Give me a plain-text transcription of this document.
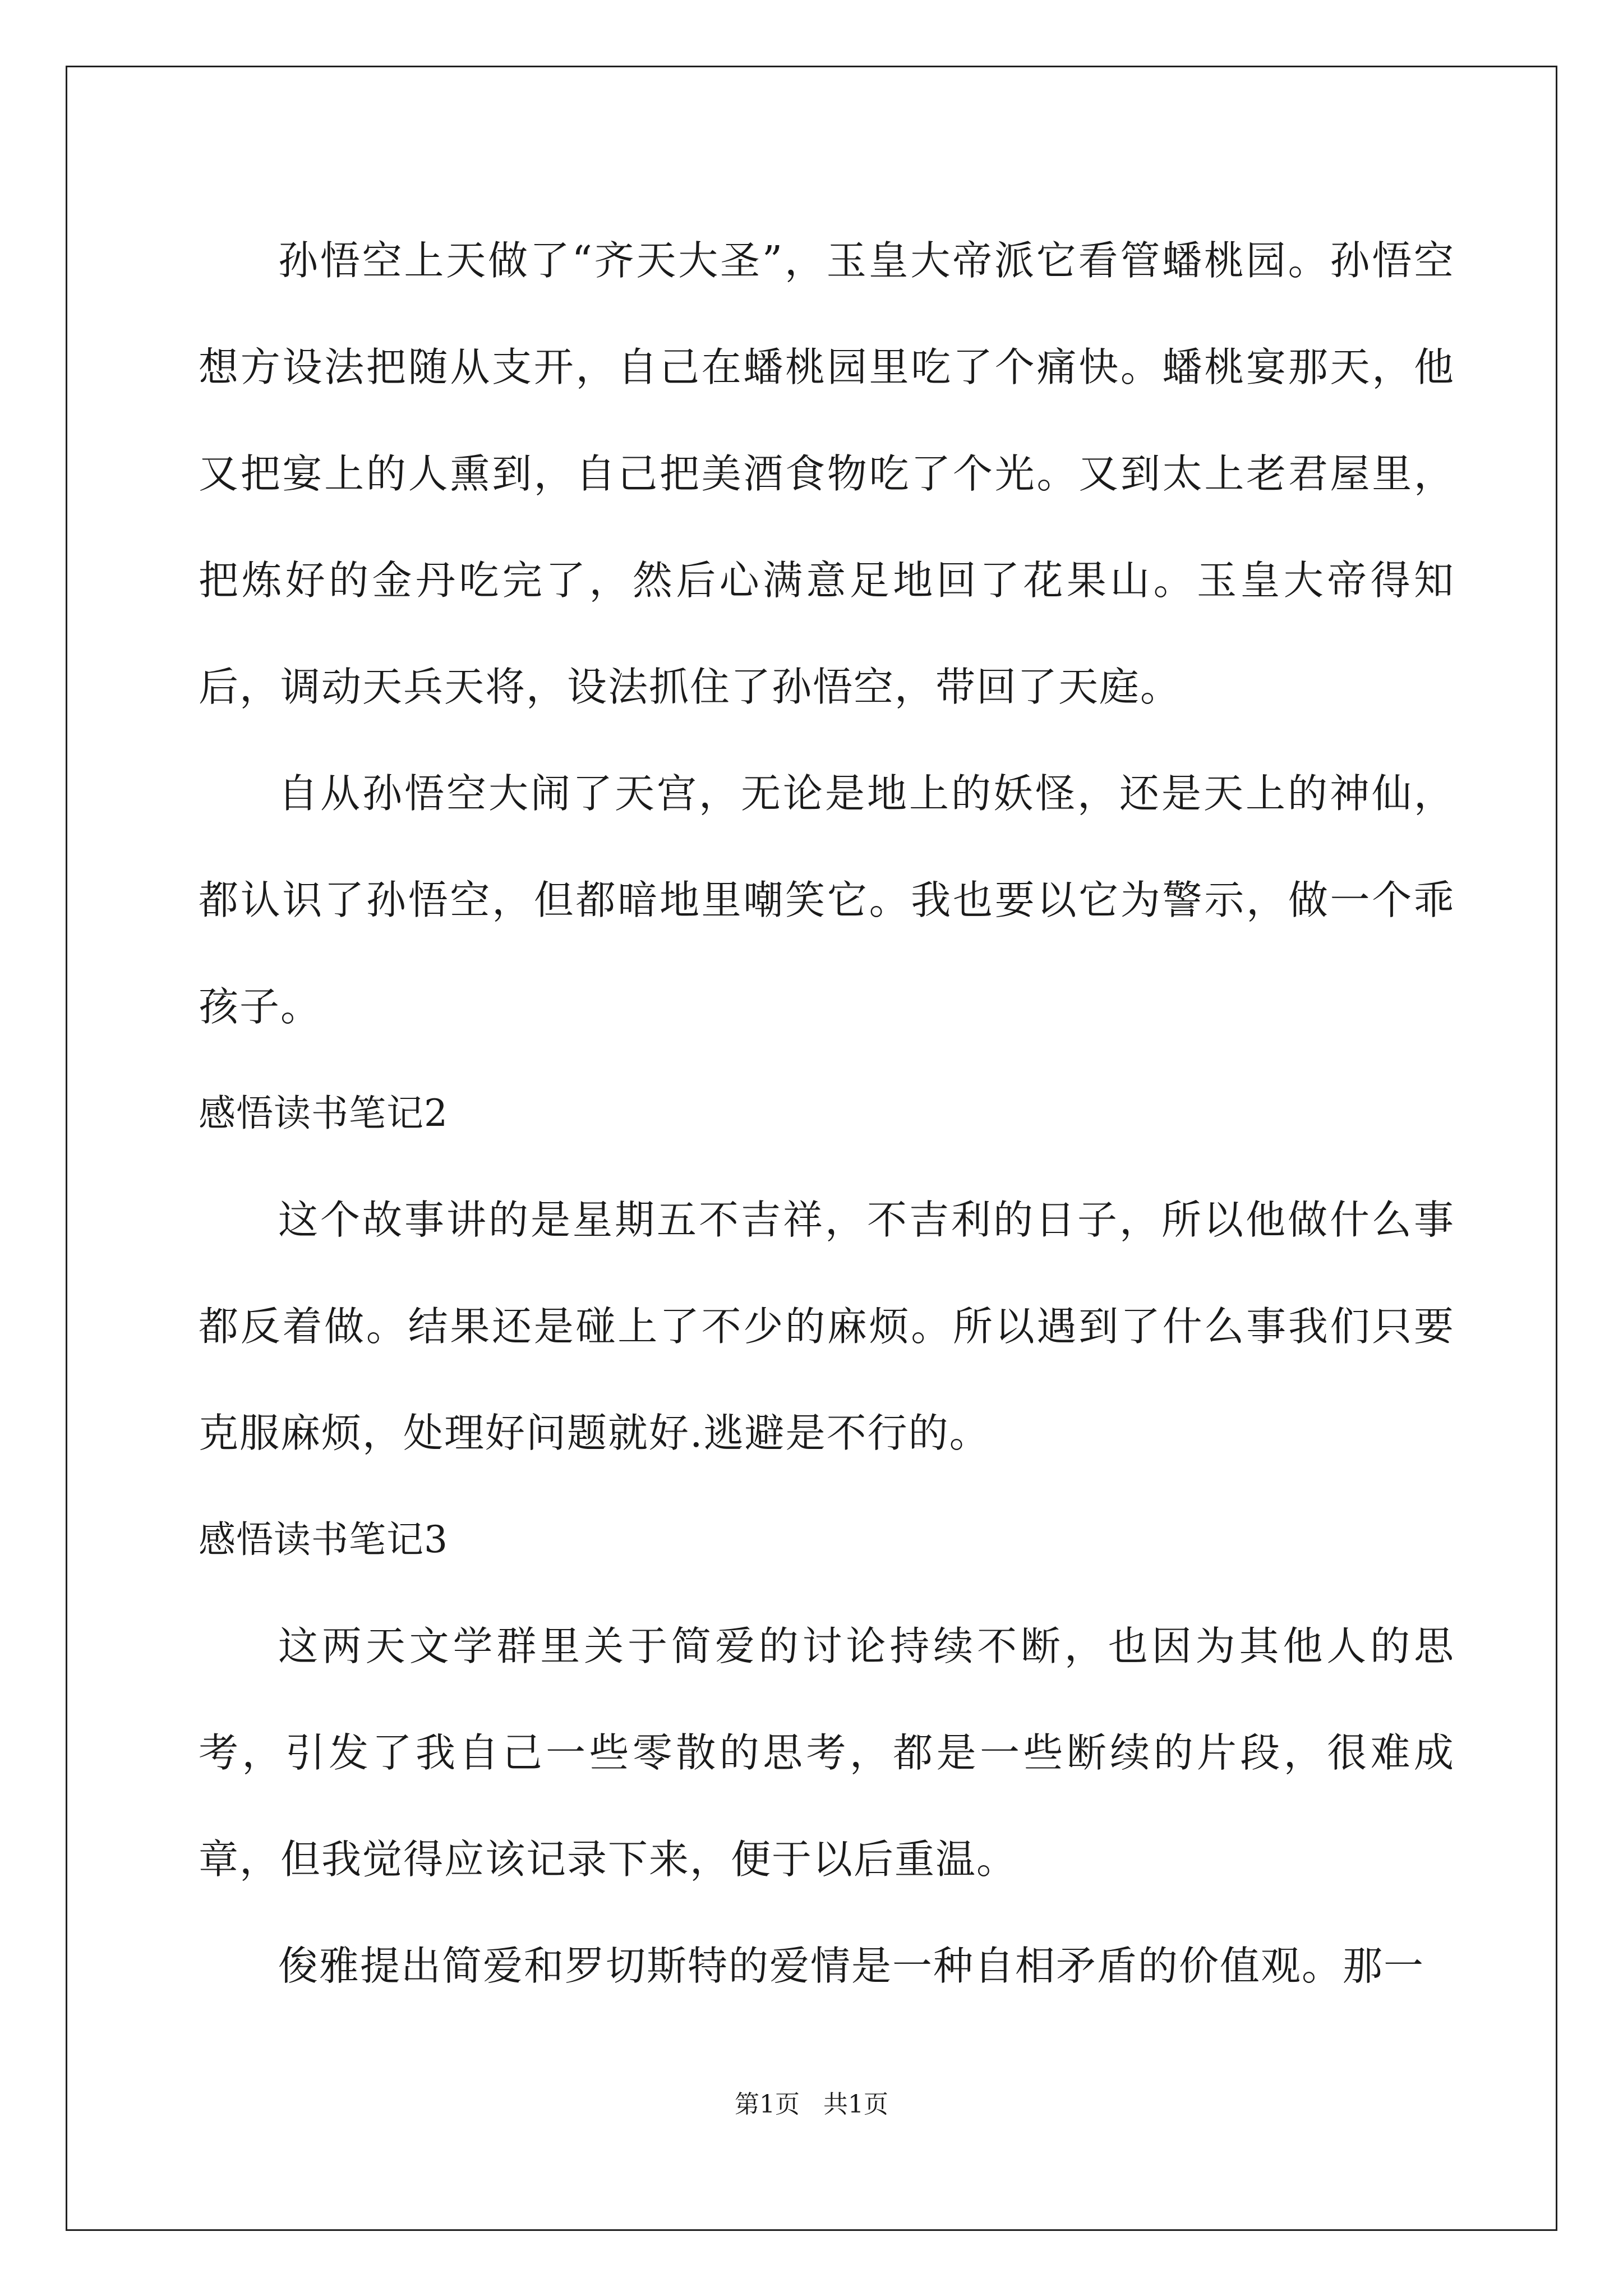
孙悟空上天做了“齐天大圣”，玉皇大帝派它看管蟠桃园。孙悟空想方设法把随从支开，自己在蟠桃园里吃了个痛快。蟠桃宴那天，他又把宴上的人熏到，自己把美酒食物吃了个光。又到太上老君屋里，把炼好的金丹吃完了，然后心满意足地回了花果山。玉皇大帝得知后，调动天兵天将，设法抓住了孙悟空，带回了天庭。

自从孙悟空大闹了天宫，无论是地上的妖怪，还是天上的神仙，都认识了孙悟空，但都暗地里嘲笑它。我也要以它为警示，做一个乖孩子。

感悟读书笔记2

这个故事讲的是星期五不吉祥，不吉利的日子，所以他做什么事都反着做。结果还是碰上了不少的麻烦。所以遇到了什么事我们只要克服麻烦，处理好问题就好.逃避是不行的。

感悟读书笔记3

这两天文学群里关于简爱的讨论持续不断，也因为其他人的思考，引发了我自己一些零散的思考，都是一些断续的片段，很难成章，但我觉得应该记录下来，便于以后重温。

俊雅提出简爱和罗切斯特的爱情是一种自相矛盾的价值观。那一

第1页 共1页
